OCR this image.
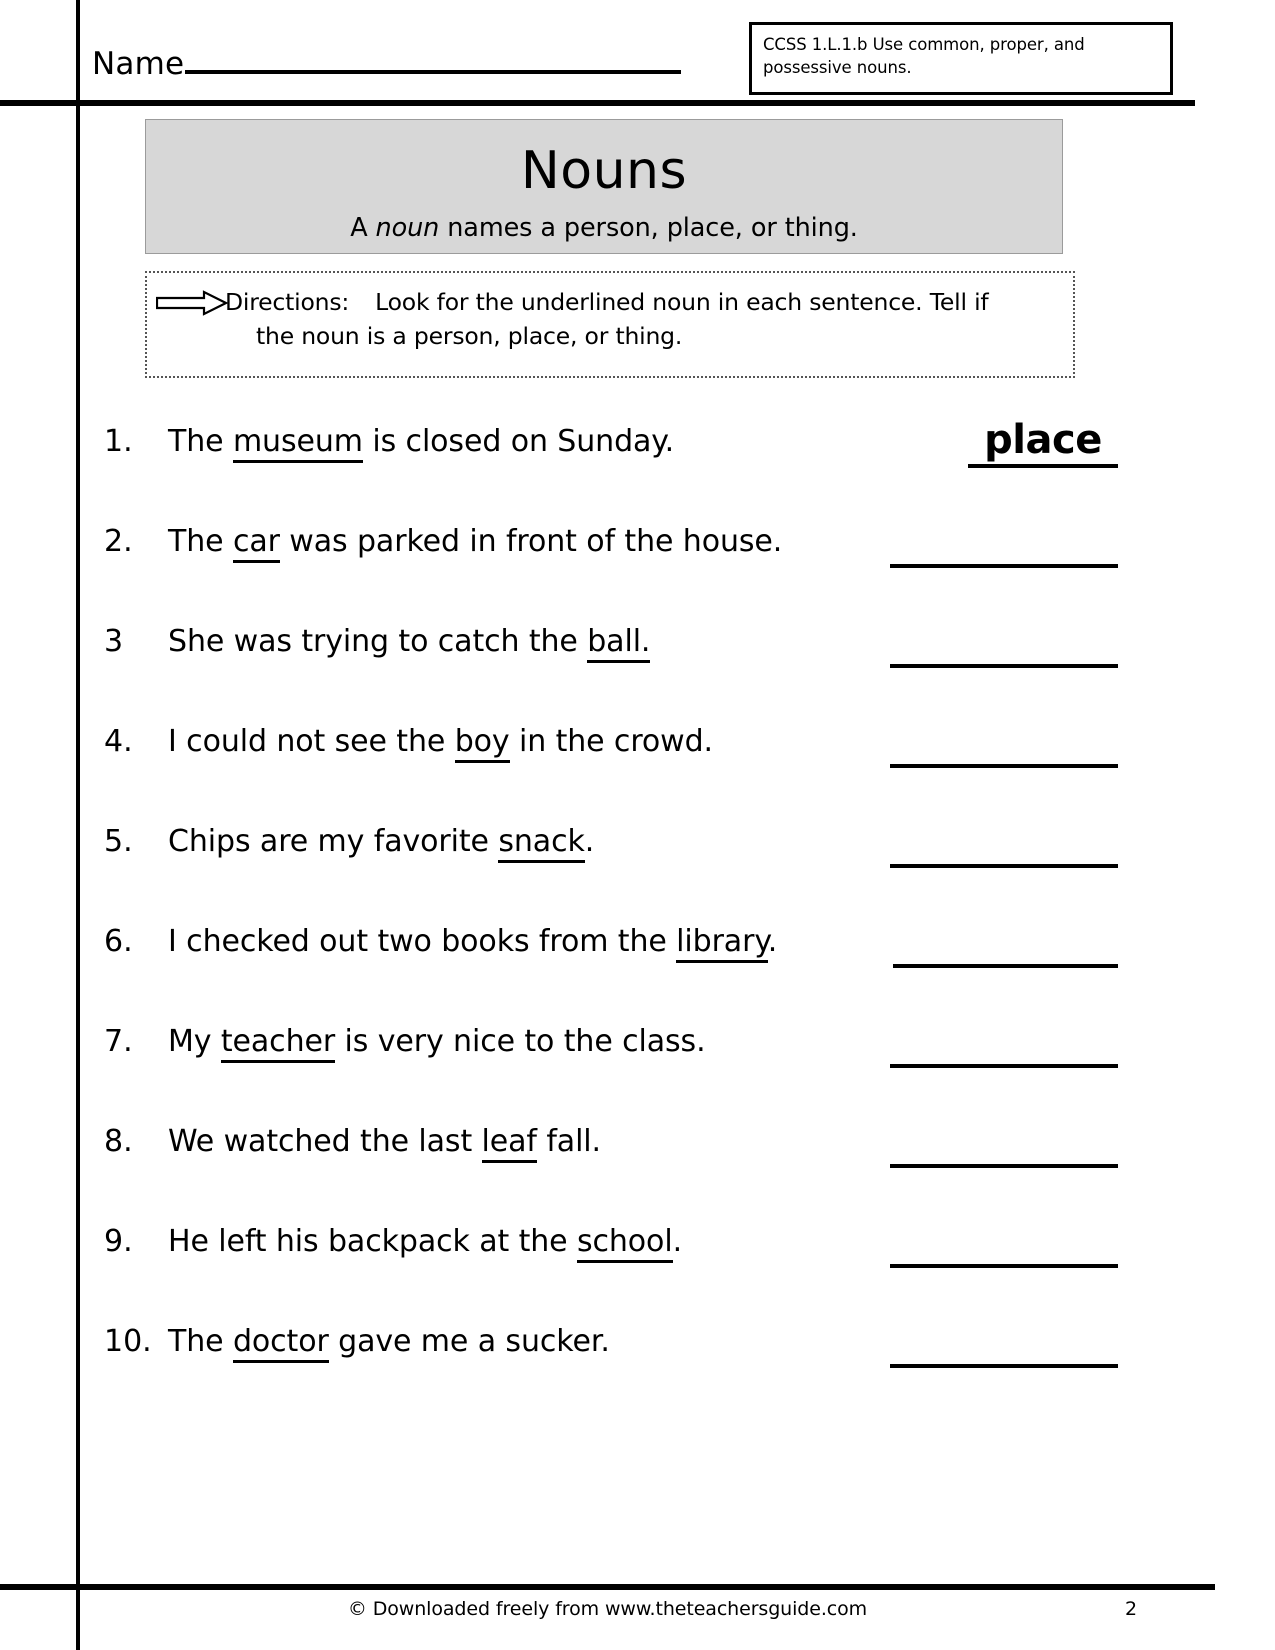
Name
CCSS 1.L.1.b Use common, proper, and
possessive nouns.
Nouns
A noun names a person, place, or thing.
Directions: Look for the underlined noun in each sentence. Tell if
the noun is a person, place, or thing.
1. The museum is closed on Sunday.	place
2. The car was parked in front of the house.
3 She was trying to catch the ball.
4. I could not see the boy in the crowd.
5. Chips are my favorite snack.
6. I checked out two books from the library.
7. My teacher is very nice to the class.
8. We watched the last leaf fall.
9. He left his backpack at the school.
10. The doctor gave me a sucker.
© Downloaded freely from www.theteachersguide.com	2
